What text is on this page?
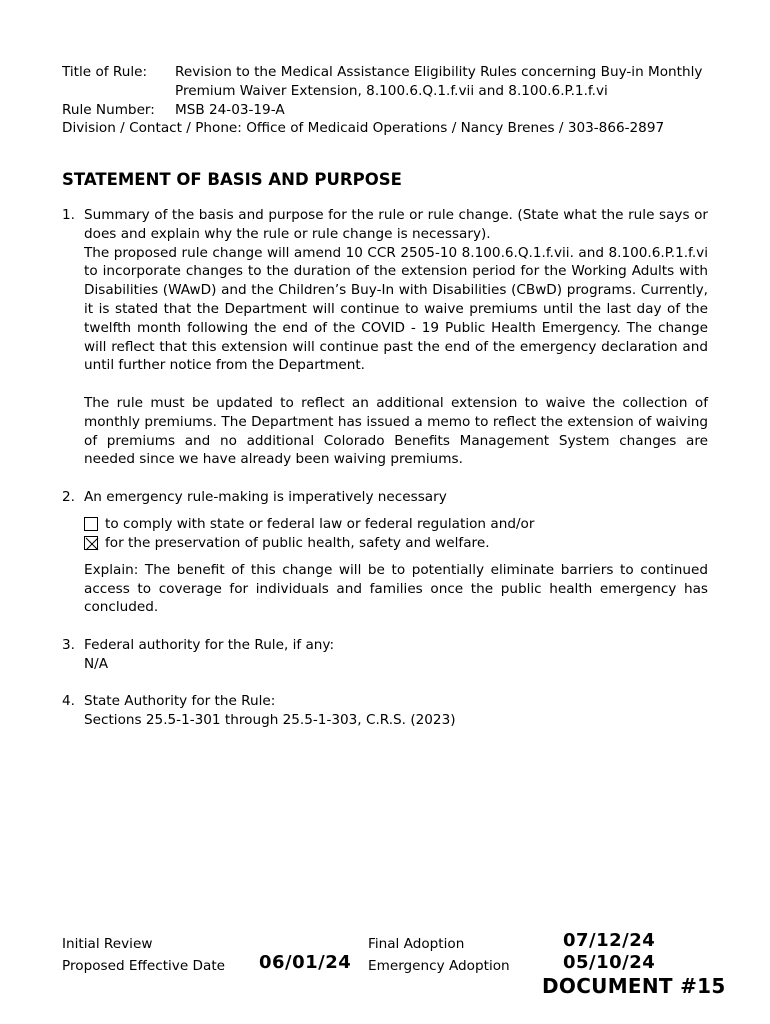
Title of Rule:	Revision to the Medical Assistance Eligibility Rules concerning Buy-in Monthly
Premium Waiver Extension, 8.100.6.Q.1.f.vii and 8.100.6.P.1.f.vi
Rule Number:	MSB 24-03-19-A
Division / Contact / Phone: Office of Medicaid Operations / Nancy Brenes / 303-866-2897
STATEMENT OF BASIS AND PURPOSE
1. Summary of the basis and purpose for the rule or rule change. (State what the rule says or does and explain why the rule or rule change is necessary).
The proposed rule change will amend 10 CCR 2505-10 8.100.6.Q.1.f.vii. and 8.100.6.P.1.f.vi to incorporate changes to the duration of the extension period for the Working Adults with Disabilities (WAwD) and the Children’s Buy-In with Disabilities (CBwD) programs. Currently, it is stated that the Department will continue to waive premiums until the last day of the twelfth month following the end of the COVID - 19 Public Health Emergency. The change will reflect that this extension will continue past the end of the emergency declaration and until further notice from the Department.
The rule must be updated to reflect an additional extension to waive the collection of monthly premiums. The Department has issued a memo to reflect the extension of waiving of premiums and no additional Colorado Benefits Management System changes are needed since we have already been waiving premiums.
2. An emergency rule-making is imperatively necessary
to comply with state or federal law or federal regulation and/or
for the preservation of public health, safety and welfare.
Explain: The benefit of this change will be to potentially eliminate barriers to continued access to coverage for individuals and families once the public health emergency has concluded.
3. Federal authority for the Rule, if any:
N/A
4. State Authority for the Rule:
Sections 25.5-1-301 through 25.5-1-303, C.R.S. (2023)
Initial Review
Proposed Effective Date 06/01/24
Final Adoption
Emergency Adoption
07/12/24
05/10/24
DOCUMENT #15
